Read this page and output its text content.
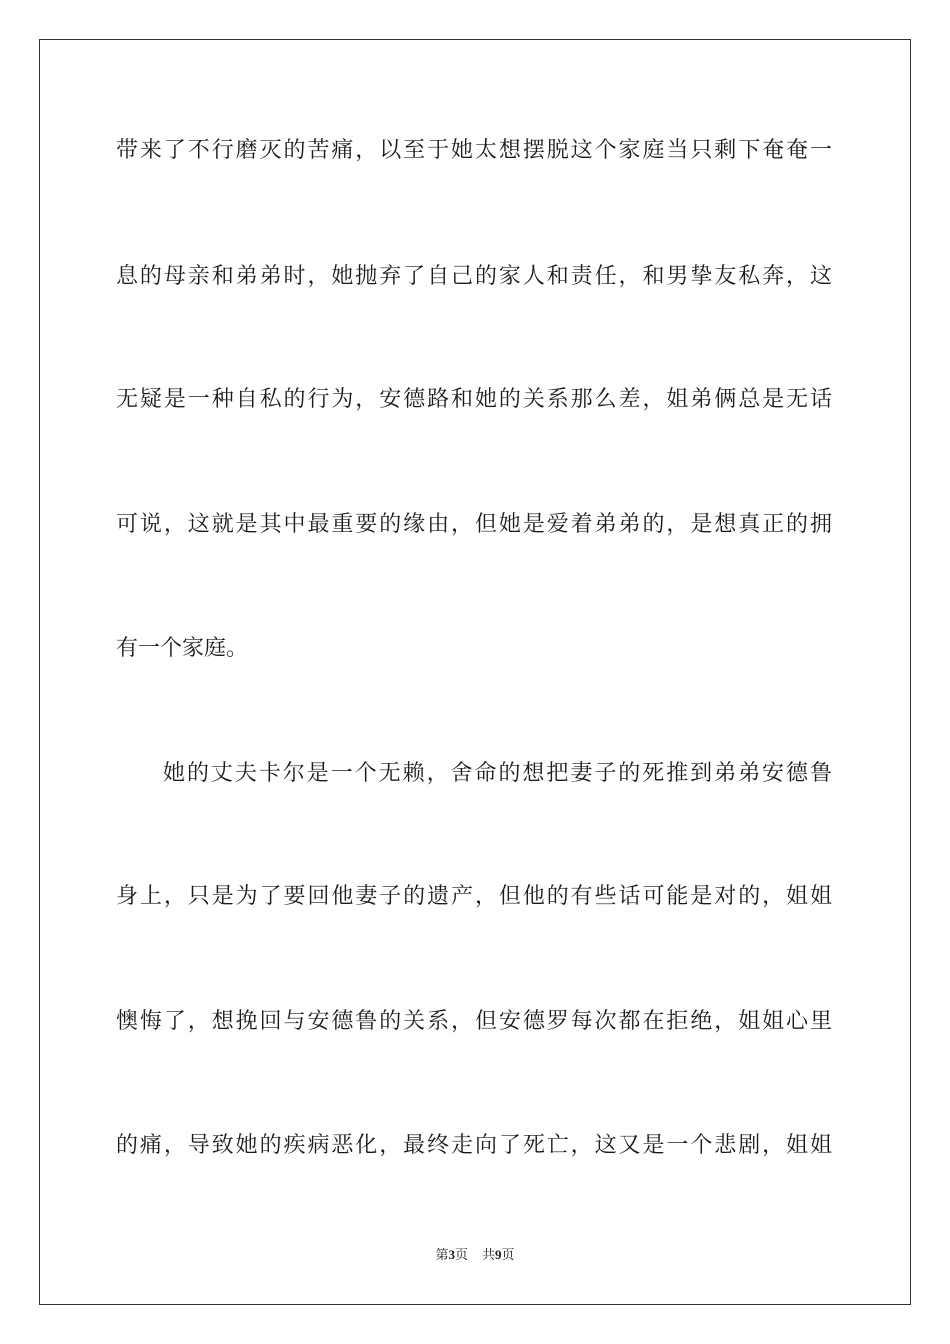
带来了不行磨灭的苦痛，以至于她太想摆脱这个家庭当只剩下奄奄一
息的母亲和弟弟时，她抛弃了自己的家人和责任，和男挚友私奔，这
无疑是一种自私的行为，安德路和她的关系那么差，姐弟俩总是无话
可说，这就是其中最重要的缘由，但她是爱着弟弟的，是想真正的拥
有一个家庭。
她的丈夫卡尔是一个无赖，舍命的想把妻子的死推到弟弟安德鲁
身上，只是为了要回他妻子的遗产，但他的有些话可能是对的，姐姐
懊悔了，想挽回与安德鲁的关系，但安德罗每次都在拒绝，姐姐心里
的痛，导致她的疾病恶化，最终走向了死亡，这又是一个悲剧，姐姐
第3页 共9页
